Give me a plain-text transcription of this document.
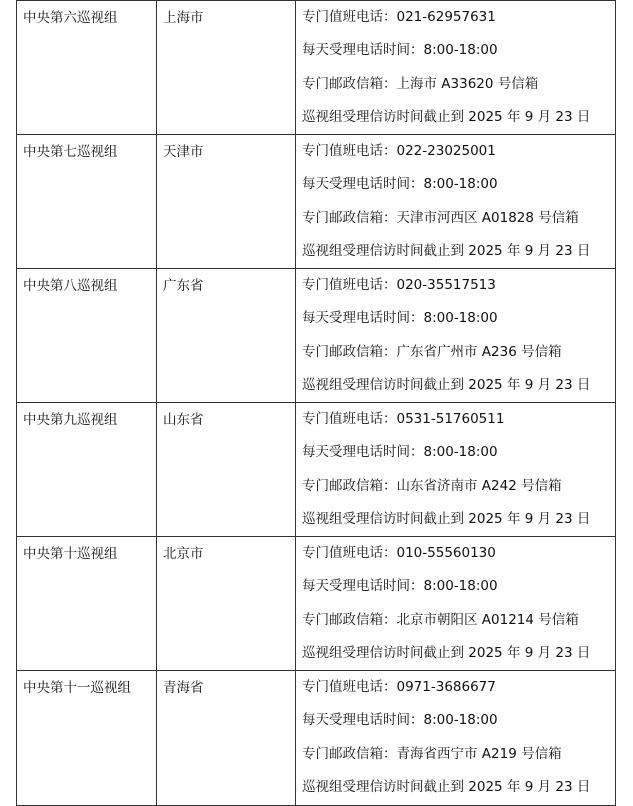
中央第六巡视组	上海市	专门值班电话：021-62957631
每天受理电话时间：8:00-18:00
专门邮政信箱：上海市 A33620 号信箱
巡视组受理信访时间截止到 2025 年 9 月 23 日

中央第七巡视组	天津市	专门值班电话：022-23025001
每天受理电话时间：8:00-18:00
专门邮政信箱：天津市河西区 A01828 号信箱
巡视组受理信访时间截止到 2025 年 9 月 23 日

中央第八巡视组	广东省	专门值班电话：020-35517513
每天受理电话时间：8:00-18:00
专门邮政信箱：广东省广州市 A236 号信箱
巡视组受理信访时间截止到 2025 年 9 月 23 日

中央第九巡视组	山东省	专门值班电话：0531-51760511
每天受理电话时间：8:00-18:00
专门邮政信箱：山东省济南市 A242 号信箱
巡视组受理信访时间截止到 2025 年 9 月 23 日

中央第十巡视组	北京市	专门值班电话：010-55560130
每天受理电话时间：8:00-18:00
专门邮政信箱：北京市朝阳区 A01214 号信箱
巡视组受理信访时间截止到 2025 年 9 月 23 日

中央第十一巡视组	青海省	专门值班电话：0971-3686677
每天受理电话时间：8:00-18:00
专门邮政信箱：青海省西宁市 A219 号信箱
巡视组受理信访时间截止到 2025 年 9 月 23 日
